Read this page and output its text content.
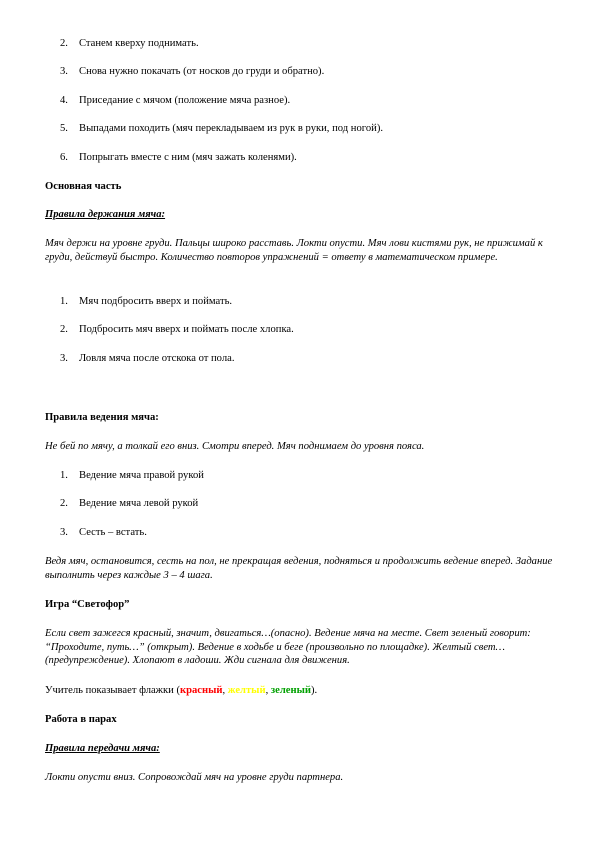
2. Станем кверху поднимать.
3. Снова нужно покачать (от носков до груди и обратно).
4. Приседание с мячом (положение мяча разное).
5. Выпадами походить (мяч перекладываем из рук в руки, под ногой).
6. Попрыгать вместе с ним (мяч зажать коленями).

Основная часть

Правила держания мяча:

Мяч держи на уровне груди. Пальцы широко расставь. Локти опусти. Мяч лови кистями рук, не прижимай к груди, действуй быстро. Количество повторов упражнений = ответу в математическом примере.

1. Мяч подбросить вверх и поймать.
2. Подбросить мяч вверх и поймать после хлопка.
3. Ловля мяча после отскока от пола.

Правила ведения мяча:

Не бей по мячу, а толкай его вниз. Смотри вперед. Мяч поднимаем до уровня пояса.

1. Ведение мяча правой рукой
2. Ведение мяча левой рукой
3. Сесть – встать.

Ведя мяч, остановится, сесть на пол, не прекращая ведения, подняться и продолжить ведение вперед. Задание выполнить через каждые 3 – 4 шага.

Игра “Светофор”

Если свет зажегся красный, значит, двигаться…(опасно). Ведение мяча на месте. Свет зеленый говорит: “Проходите, путь…” (открыт). Ведение в ходьбе и беге (произвольно по площадке). Желтый свет…(предупреждение). Хлопают в ладоши. Жди сигнала для движения.

Учитель показывает флажки (красный, желтый, зеленый).

Работа в парах

Правила передачи мяча:

Локти опусти вниз. Сопровождай мяч на уровне груди партнера.
